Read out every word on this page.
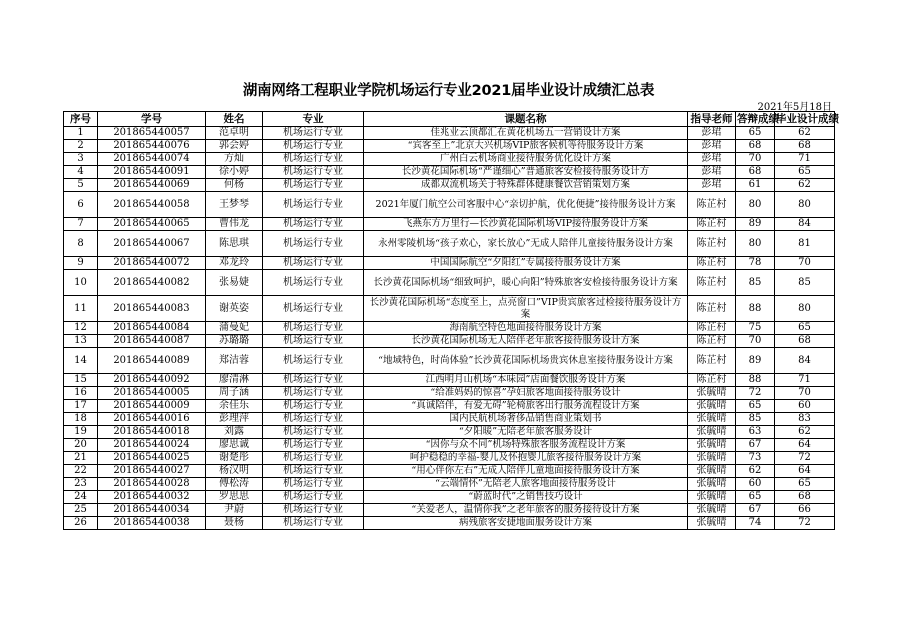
湖南网络工程职业学院机场运行专业2021届毕业设计成绩汇总表
2021年5月18日
序号	学号	姓名	专业	课题名称	指导老师	答辩成绩	毕业设计成绩
1	201865440057	范卓明	机场运行专业	佳兆业云顶都汇在黄花机场五一营销设计方案	彭珺	65	62
2	201865440076	郭会婷	机场运行专业	“宾客至上”北京大兴机场VIP旅客候机等待服务设计方案	彭珺	68	68
3	201865440074	方灿	机场运行专业	广州白云机场商业接待服务优化设计方案	彭珺	70	71
4	201865440091	徐小婷	机场运行专业	长沙黄花国际机场“严谨细心”普通旅客安检接待服务设计方	彭珺	68	65
5	201865440069	何杨	机场运行专业	成都双流机场关于特殊群体健康餐饮营销策划方案	彭珺	61	62
6	201865440058	王梦琴	机场运行专业	2021年厦门航空公司客服中心“亲切护航，优化便捷”接待服务设计方案	陈芷村	80	80
7	201865440065	曹伟龙	机场运行专业	飞燕东方万里行—长沙黄花国际机场VIP接待服务设计方案	陈芷村	89	84
8	201865440067	陈思琪	机场运行专业	永州零陵机场“孩子欢心，家长放心”无成人陪伴儿童接待服务设计方案	陈芷村	80	81
9	201865440072	邓龙玲	机场运行专业	中国国际航空“夕阳红”专属接待服务设计方案	陈芷村	78	70
10	201865440082	张易婕	机场运行专业	长沙黄花国际机场“细致呵护，暖心向阳”特殊旅客安检接待服务设计方案	陈芷村	85	85
11	201865440083	谢英姿	机场运行专业	长沙黄花国际机场“态度至上，点亮窗口”VIP贵宾旅客过检接待服务设计方案	陈芷村	88	80
12	201865440084	蒲曼妃	机场运行专业	海南航空特色地面接待服务设计方案	陈芷村	75	65
13	201865440087	苏璐璐	机场运行专业	长沙黄花国际机场无人陪伴老年旅客接待服务设计方案	陈芷村	70	68
14	201865440089	郑洁蓉	机场运行专业	“地域特色，时尚体验”长沙黄花国际机场贵宾休息室接待服务设计方案	陈芷村	89	84
15	201865440092	廖清淋	机场运行专业	江西明月山机场“本味园”店面餐饮服务设计方案	陈芷村	88	71
16	201865440005	周子涵	机场运行专业	“给准妈妈的惊喜”孕妇旅客地面接待服务设计	张毓晴	72	70
17	201865440009	余佳乐	机场运行专业	“真诚陪伴，有爱无碍”轮椅旅客出行服务流程设计方案	张毓晴	65	60
18	201865440016	彭理萍	机场运行专业	国内民航机场奢侈品销售商业策划书	张毓晴	85	83
19	201865440018	刘露	机场运行专业	“夕阳暖”无陪老年旅客服务设计	张毓晴	63	62
20	201865440024	廖思诚	机场运行专业	“因你与众不同”机场特殊旅客服务流程设计方案	张毓晴	67	64
21	201865440025	谢楚彤	机场运行专业	呵护稳稳的幸福-婴儿及怀抱婴儿旅客接待服务设计方案	张毓晴	73	72
22	201865440027	杨汉明	机场运行专业	“用心伴你左右”无成人陪伴儿童地面接待服务设计方案	张毓晴	62	64
23	201865440028	傅松涛	机场运行专业	“云端情怀”无陪老人旅客地面接待服务设计	张毓晴	60	65
24	201865440032	罗思思	机场运行专业	“蔚蓝时代”之销售技巧设计	张毓晴	65	68
25	201865440034	尹蔚	机场运行专业	“关爱老人，温情你我”之老年旅客的服务接待设计方案	张毓晴	67	66
26	201865440038	聂杨	机场运行专业	病残旅客安捷地面服务设计方案	张毓晴	74	72
